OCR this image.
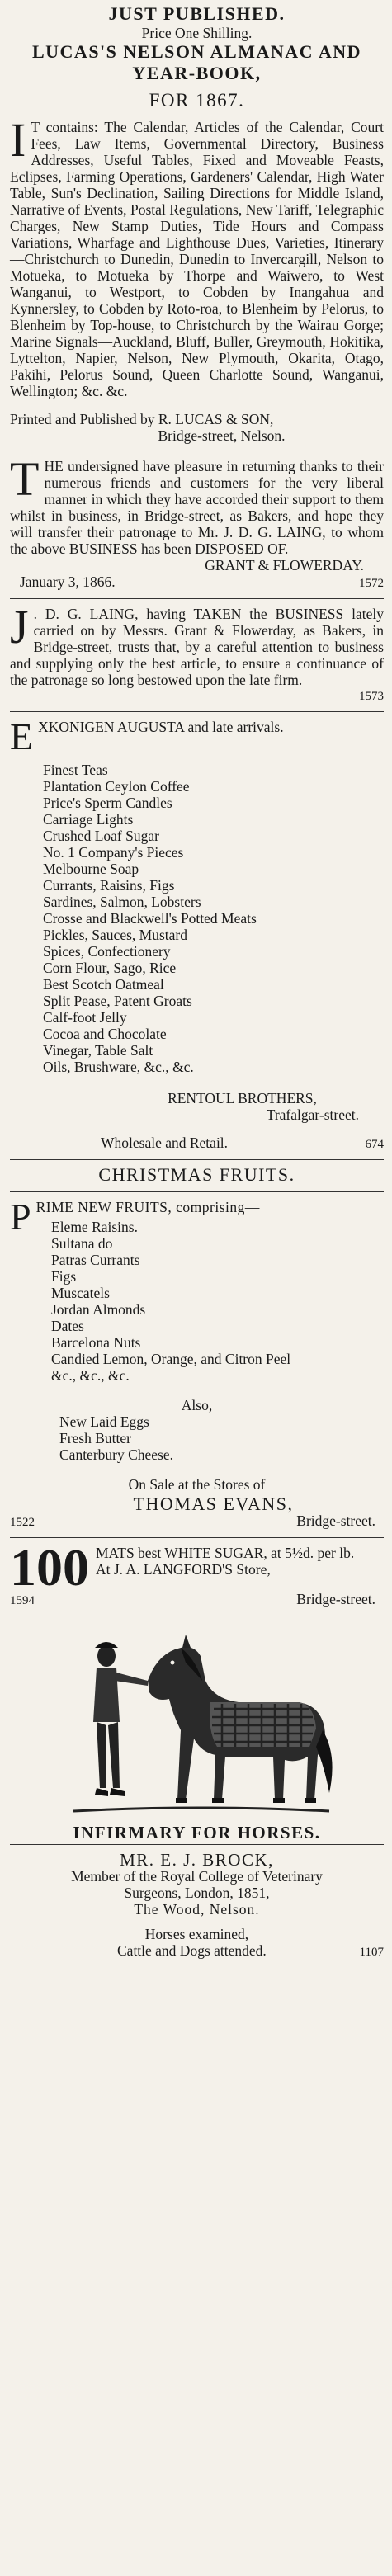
JUST PUBLISHED.
Price One Shilling.
LUCAS'S NELSON ALMANAC AND
YEAR-BOOK,
FOR 1867.

I T contains: The Calendar, Articles of the Calendar, Court Fees, Law Items, Governmental Directory, Business Addresses, Useful Tables, Fixed and Moveable Feasts, Eclipses, Farming Operations, Gardeners' Calendar, High Water Table, Sun's Declination, Sailing Directions for Middle Island, Narrative of Events, Postal Regulations, New Tariff, Telegraphic Charges, New Stamp Duties, Tide Hours and Compass Variations, Wharfage and Lighthouse Dues, Varieties, Itinerary—Christchurch to Dunedin, Dunedin to Invercargill, Nelson to Motueka, to Motueka by Thorpe and Waiwero, to West Wanganui, to Westport, to Cobden by Inangahua and Kynnersley, to Cobden by Roto-roa, to Blenheim by Pelorus, to Blenheim by Top-house, to Christchurch by the Wairau Gorge; Marine Signals—Auckland, Bluff, Buller, Greymouth, Hokitika, Lyttelton, Napier, Nelson, New Plymouth, Okarita, Otago, Pakihi, Pelorus Sound, Queen Charlotte Sound, Wanganui, Wellington; &c. &c.

Printed and Published by R. LUCAS & SON,
Bridge-street, Nelson.

THE undersigned have pleasure in returning thanks to their numerous friends and customers for the very liberal manner in which they have accorded their support to them whilst in business, in Bridge-street, as Bakers, and hope they will transfer their patronage to Mr. J. D. G. LAING, to whom the above BUSINESS has been DISPOSED OF.

GRANT & FLOWERDAY.
January 3, 1866.	1572

J . D. G. LAING, having TAKEN the BUSINESS lately carried on by Messrs. Grant & Flowerday, as Bakers, in Bridge-street, trusts that, by a careful attention to business and supplying only the best article, to ensure a continuance of the patronage so long bestowed upon the late firm.

1573
EXKONIGEN AUGUSTA and late arrivals.
Finest Teas
Plantation Ceylon Coffee
Price's Sperm Candles
Carriage Lights
Crushed Loaf Sugar
No. 1 Company's Pieces
Melbourne Soap
Currants, Raisins, Figs
Sardines, Salmon, Lobsters
Crosse and Blackwell's Potted Meats
Pickles, Sauces, Mustard
Spices, Confectionery
Corn Flour, Sago, Rice
Best Scotch Oatmeal
Split Pease, Patent Groats
Calf-foot Jelly
Cocoa and Chocolate
Vinegar, Table Salt
Oils, Brushware, &c., &c.
RENTOUL BROTHERS,
Trafalgar-street.
Wholesale and Retail.	674
CHRISTMAS FRUITS.
PRIME NEW FRUITS, comprising—
Eleme Raisins.
Sultana do
Patras Currants
Figs
Muscatels
Jordan Almonds
Dates
Barcelona Nuts
Candied Lemon, Orange, and Citron Peel
&c., &c., &c.
Also,
New Laid Eggs
Fresh Butter
Canterbury Cheese.
On Sale at the Stores of
THOMAS EVANS,
1522	Bridge-street.
100 MATS best WHITE SUGAR, at 5½d. per lb.

At J. A. LANGFORD'S Store,
1594	Bridge-street.
INFIRMARY FOR HORSES.
MR. E. J. BROCK,
Member of the Royal College of Veterinary
Surgeons, London, 1851,
The Wood, Nelson.
Horses examined,
Cattle and Dogs attended.	1107
